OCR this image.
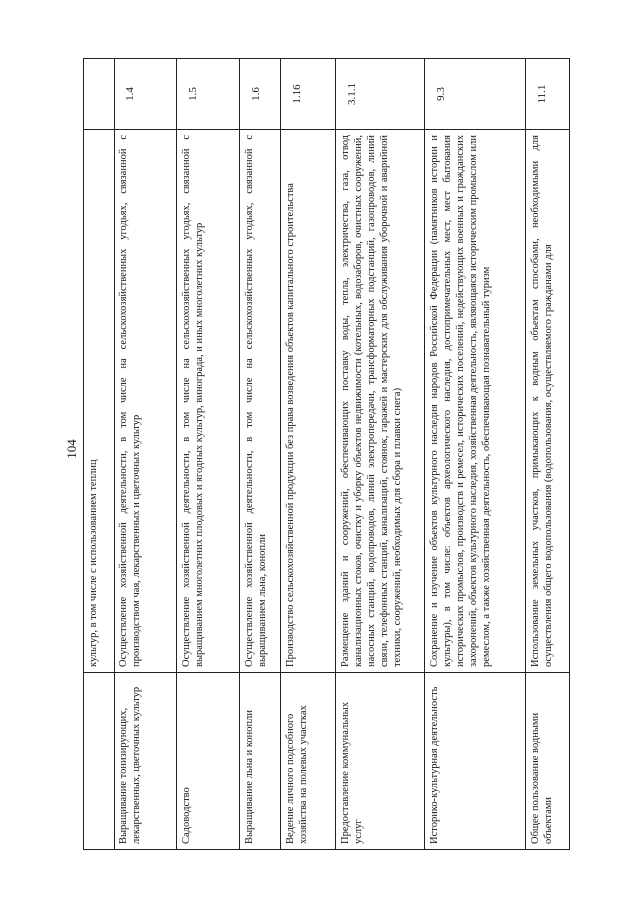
104
культур, в том числе с использованием теплиц
Выращивание тонизирующих, лекарственных, цветочных культур
Осуществление хозяйственной деятельности, в том числе на сельскохозяйственных угодьях, связанной с производством чая, лекарственных и цветочных культур
1.4
Садоводство
Осуществление хозяйственной деятельности, в том числе на сельскохозяйственных угодьях, связанной с выращиванием многолетних плодовых и ягодных культур, винограда, и иных многолетних культур
1.5
Выращивание льна и конопли
Осуществление хозяйственной деятельности, в том числе на сельскохозяйственных угодьях, связанной с выращиванием льна, конопли
1.6
Ведение личного подсобного хозяйства на полевых участках
Производство сельскохозяйственной продукции без права возведения объектов капитального строительства
1.16
Предоставление коммунальных услуг
Размещение зданий и сооружений, обеспечивающих поставку воды, тепла, электричества, газа, отвод канализационных стоков, очистку и уборку объектов недвижимости (котельных, водозаборов, очистных сооружений, насосных станций, водопроводов, линий электропередачи, трансформаторных подстанций, газопроводов, линий связи, телефонных станций, канализаций, стоянок, гаражей и мастерских для обслуживания уборочной и аварийной техники, сооружений, необходимых для сбора и плавки снега)
3.1.1
Историко-культурная деятельность
Сохранение и изучение объектов культурного наследия народов Российской Федерации (памятников истории и культуры), в том числе: объектов археологического наследия, достопримечательных мест, мест бытования исторических промыслов, производств и ремесел, исторических поселений, недействующих военных и гражданских захоронений, объектов культурного наследия, хозяйственная деятельность, являющаяся историческим промыслом или ремеслом, а также хозяйственная деятельность, обеспечивающая познавательный туризм
9.3
Общее пользование водными объектами
Использование земельных участков, примыкающих к водным объектам способами, необходимыми для осуществления общего водопользования (водопользования, осуществляемого гражданами для
11.1
